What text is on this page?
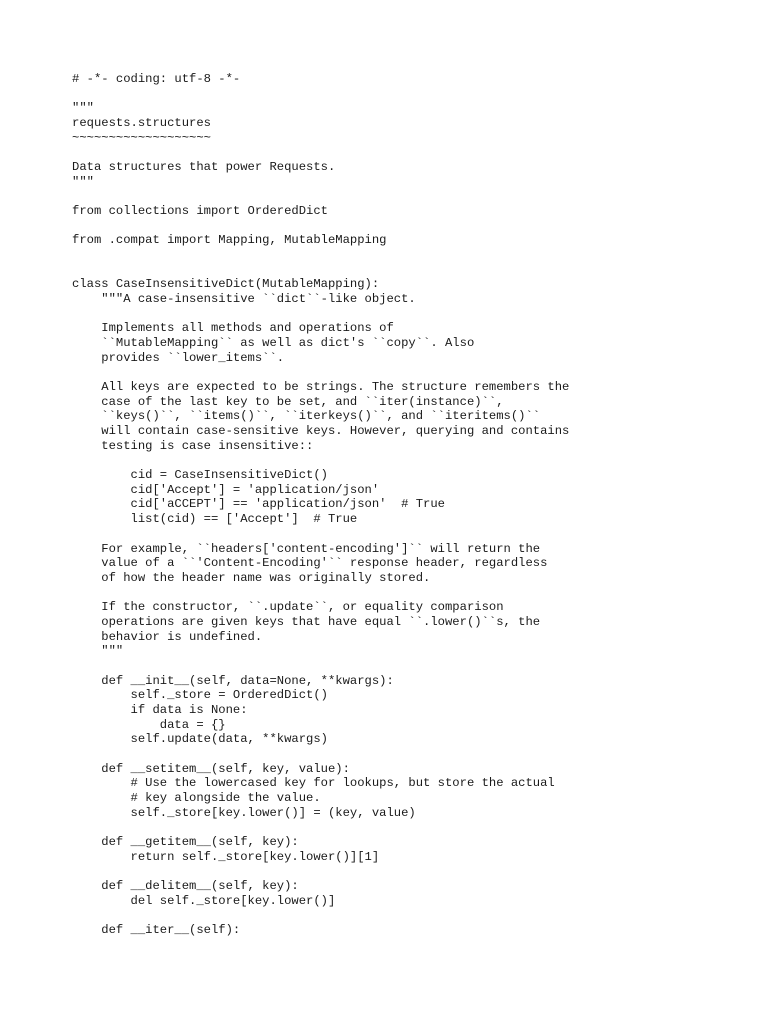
# -*- coding: utf-8 -*-
"""
requests.structures
~~~~~~~~~~~~~~~~~~~
Data structures that power Requests.
"""
from collections import OrderedDict
from .compat import Mapping, MutableMapping
class CaseInsensitiveDict(MutableMapping):
"""A case-insensitive ``dict``-like object.
Implements all methods and operations of
``MutableMapping`` as well as dict's ``copy``. Also
provides ``lower_items``.
All keys are expected to be strings. The structure remembers the
case of the last key to be set, and ``iter(instance)``,
``keys()``, ``items()``, ``iterkeys()``, and ``iteritems()``
will contain case-sensitive keys. However, querying and contains
testing is case insensitive::
cid = CaseInsensitiveDict()
cid['Accept'] = 'application/json'
cid['aCCEPT'] == 'application/json'  # True
list(cid) == ['Accept']  # True
For example, ``headers['content-encoding']`` will return the
value of a ``'Content-Encoding'`` response header, regardless
of how the header name was originally stored.
If the constructor, ``.update``, or equality comparison
operations are given keys that have equal ``.lower()``s, the
behavior is undefined.
"""
def __init__(self, data=None, **kwargs):
self._store = OrderedDict()
if data is None:
data = {}
self.update(data, **kwargs)
def __setitem__(self, key, value):
# Use the lowercased key for lookups, but store the actual
# key alongside the value.
self._store[key.lower()] = (key, value)
def __getitem__(self, key):
return self._store[key.lower()][1]
def __delitem__(self, key):
del self._store[key.lower()]
def __iter__(self):
